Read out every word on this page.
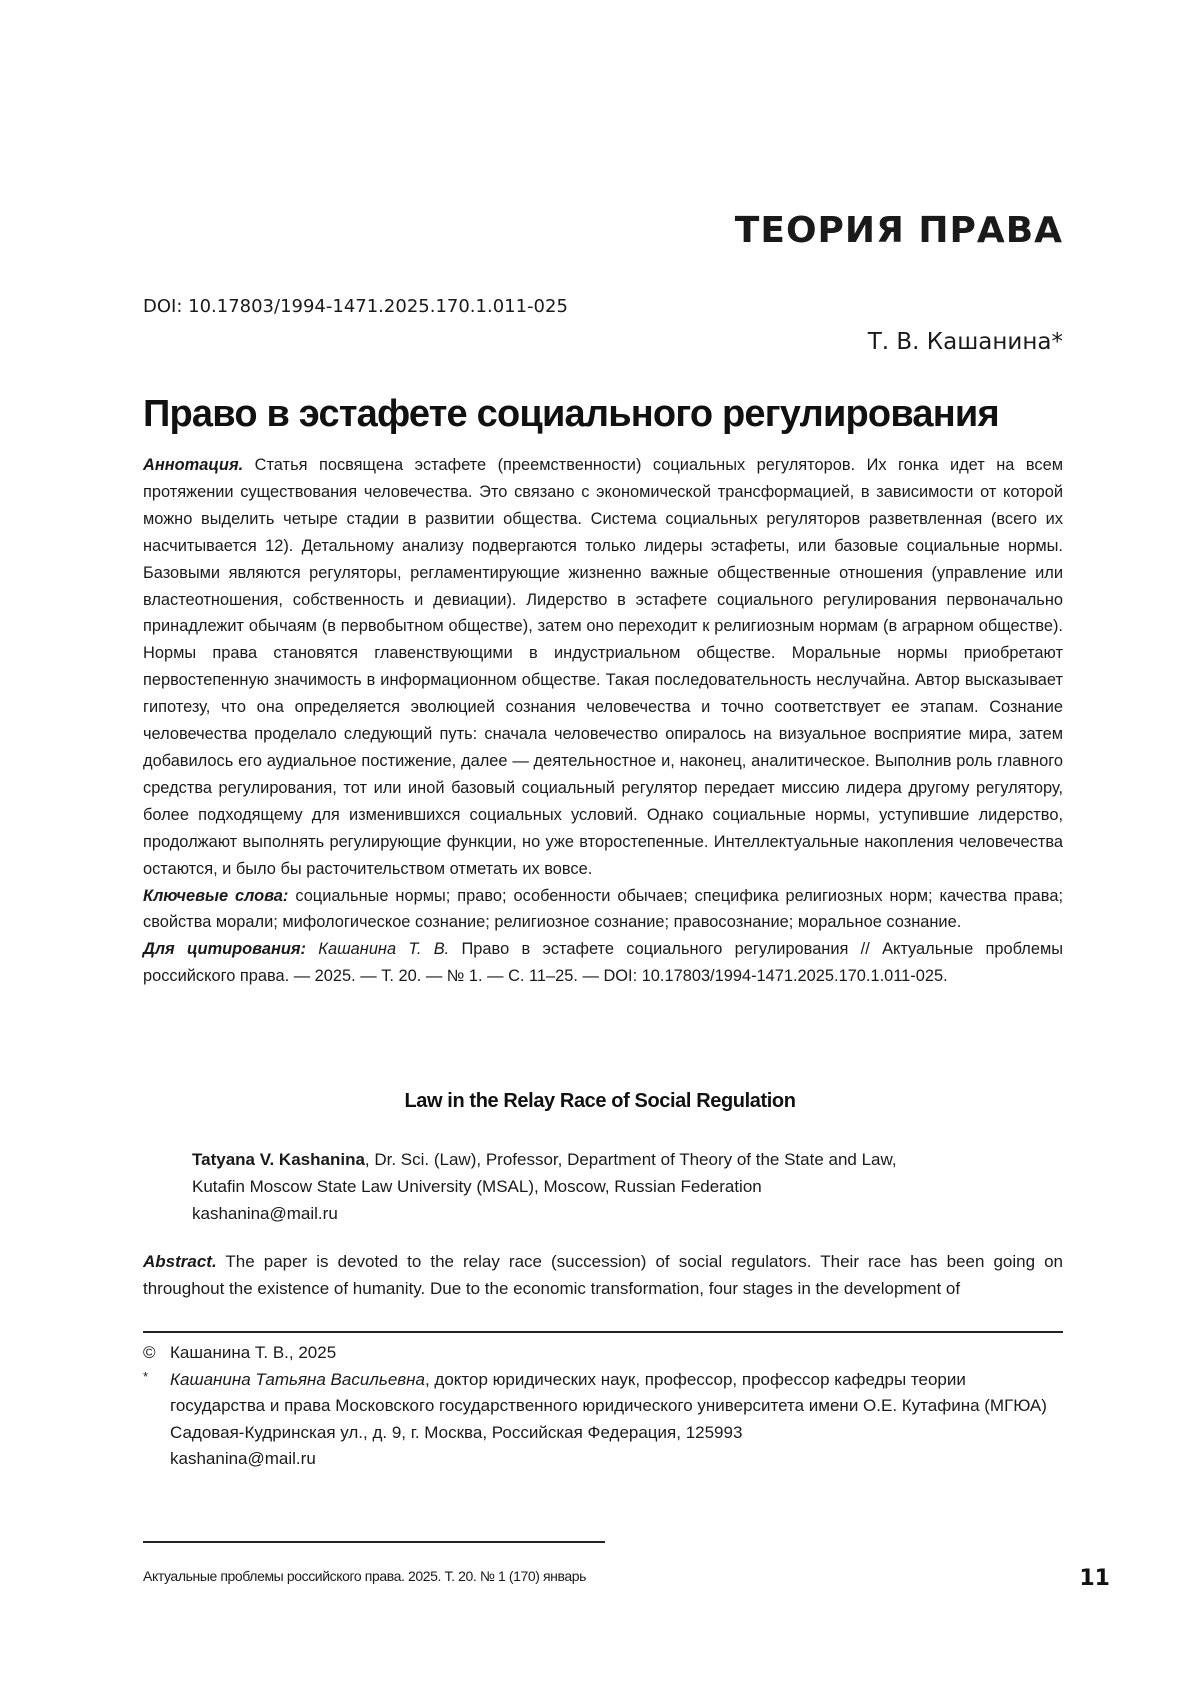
ТЕОРИЯ ПРАВА
DOI: 10.17803/1994-1471.2025.170.1.011-025
Т. В. Кашанина*
Право в эстафете социального регулирования

Аннотация. Статья посвящена эстафете (преемственности) социальных регуляторов. Их гонка идет на всем протяжении существования человечества. Это связано с экономической трансформацией, в зависимости от которой можно выделить четыре стадии в развитии общества. Система социальных регуляторов разветвленная (всего их насчитывается 12). Детальному анализу подвергаются только лидеры эстафеты, или базовые социальные нормы. Базовыми являются регуляторы, регламентирующие жизненно важные общественные отношения (управление или властеотношения, собственность и девиации). Лидерство в эстафете социального регулирования первоначально принадлежит обычаям (в первобытном обществе), затем оно переходит к религиозным нормам (в аграрном обществе). Нормы права становятся главенствующими в индустриальном обществе. Моральные нормы приобретают первостепенную значимость в информационном обществе. Такая последовательность неслучайна. Автор высказывает гипотезу, что она определяется эволюцией сознания человечества и точно соответствует ее этапам. Сознание человечества проделало следующий путь: сначала человечество опиралось на визуальное восприятие мира, затем добавилось его аудиальное постижение, далее — деятельностное и, наконец, аналитическое. Выполнив роль главного средства регулирования, тот или иной базовый социальный регулятор передает миссию лидера другому регулятору, более подходящему для изменившихся социальных условий. Однако социальные нормы, уступившие лидерство, продолжают выполнять регулирующие функции, но уже второстепенные. Интеллектуальные накопления человечества остаются, и было бы расточительством отметать их вовсе.

Ключевые слова: социальные нормы; право; особенности обычаев; специфика религиозных норм; качества права; свойства морали; мифологическое сознание; религиозное сознание; правосознание; моральное сознание.

Для цитирования: Кашанина Т. В. Право в эстафете социального регулирования // Актуальные проблемы российского права. — 2025. — Т. 20. — № 1. — С. 11–25. — DOI: 10.17803/1994-1471.2025.170.1.011-025.

Law in the Relay Race of Social Regulation
Tatyana V. Kashanina, Dr. Sci. (Law), Professor, Department of Theory of the State and Law,
Kutafin Moscow State Law University (MSAL), Moscow, Russian Federation
kashanina@mail.ru

Abstract. The paper is devoted to the relay race (succession) of social regulators. Their race has been going on throughout the existence of humanity. Due to the economic transformation, four stages in the development of

© Кашанина Т. В., 2025
* Кашанина Татьяна Васильевна, доктор юридических наук, профессор, профессор кафедры теории государства и права Московского государственного юридического университета имени О.Е. Кутафина (МГЮА)
Садовая-Кудринская ул., д. 9, г. Москва, Российская Федерация, 125993
kashanina@mail.ru
Актуальные проблемы российского права. 2025. Т. 20. № 1 (170) январь	11
